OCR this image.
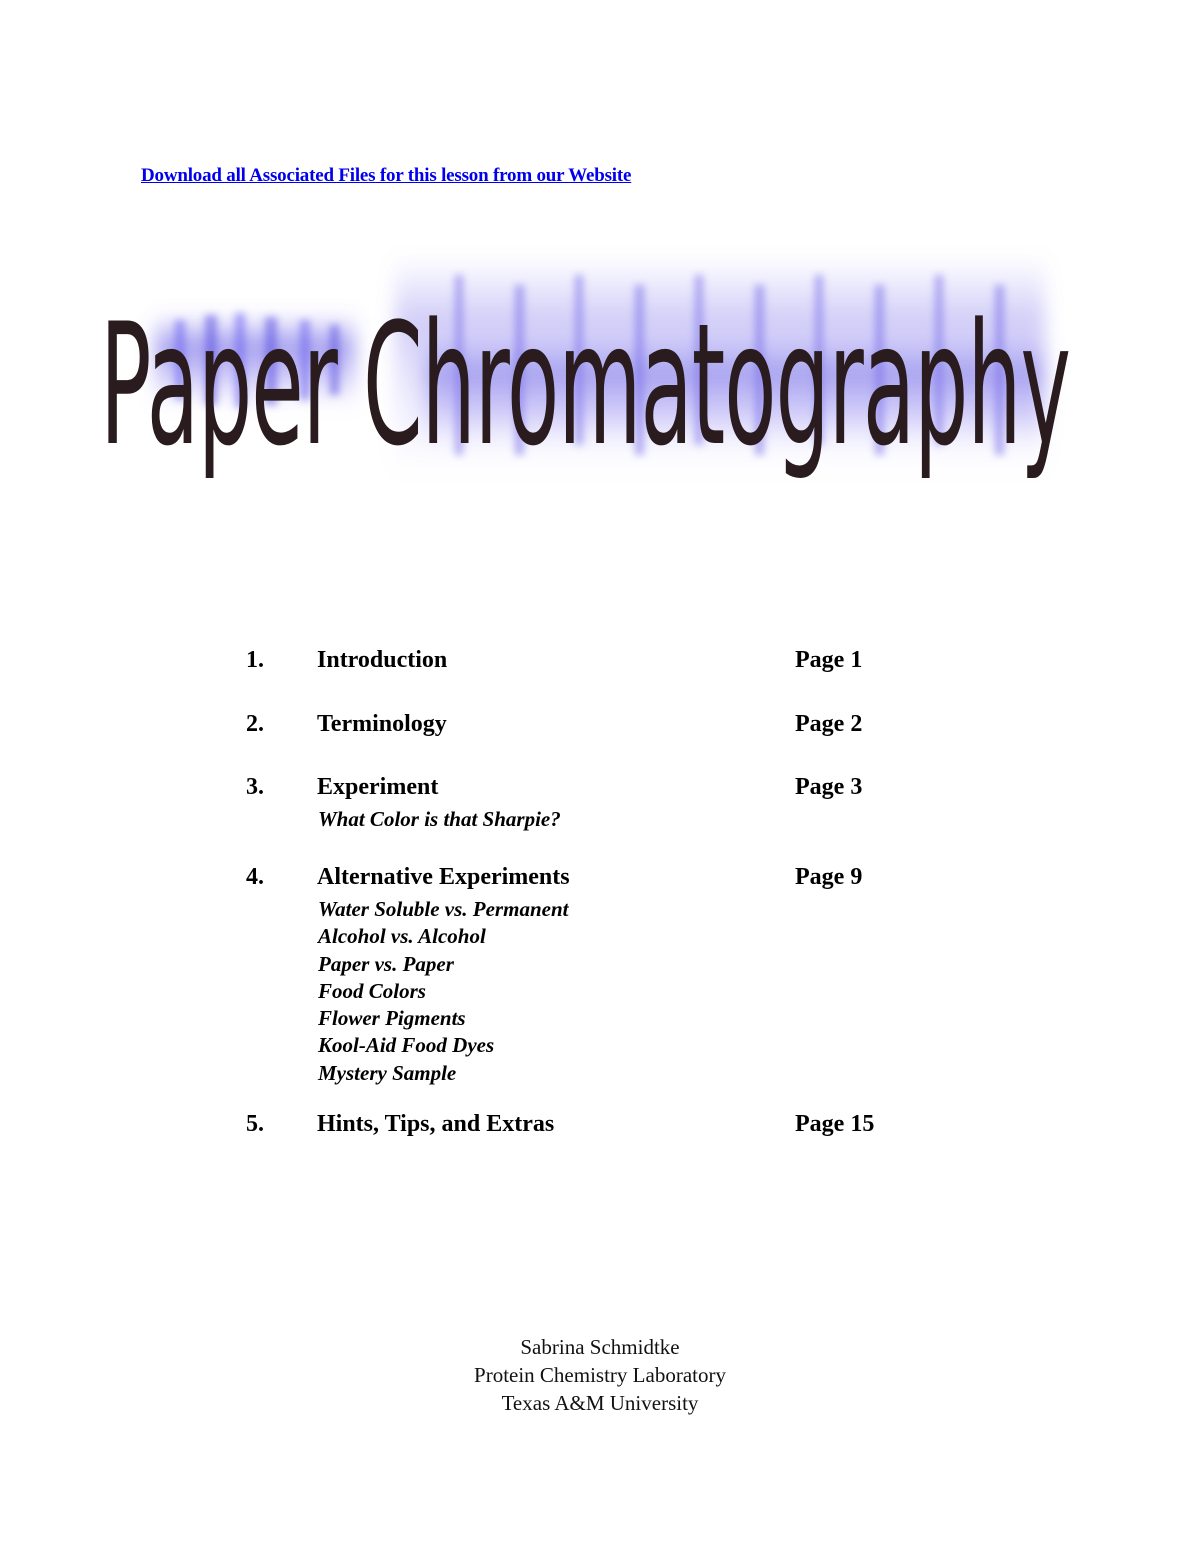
Download all Associated Files for this lesson from our Website
Paper Chromatography
1. Introduction	Page 1
2. Terminology	Page 2
3. Experiment	Page 3
What Color is that Sharpie?
4. Alternative Experiments	Page 9
Water Soluble vs. Permanent
Alcohol vs. Alcohol
Paper vs. Paper
Food Colors
Flower Pigments
Kool-Aid Food Dyes
Mystery Sample
5. Hints, Tips, and Extras	Page 15
Sabrina Schmidtke
Protein Chemistry Laboratory
Texas A&M University
